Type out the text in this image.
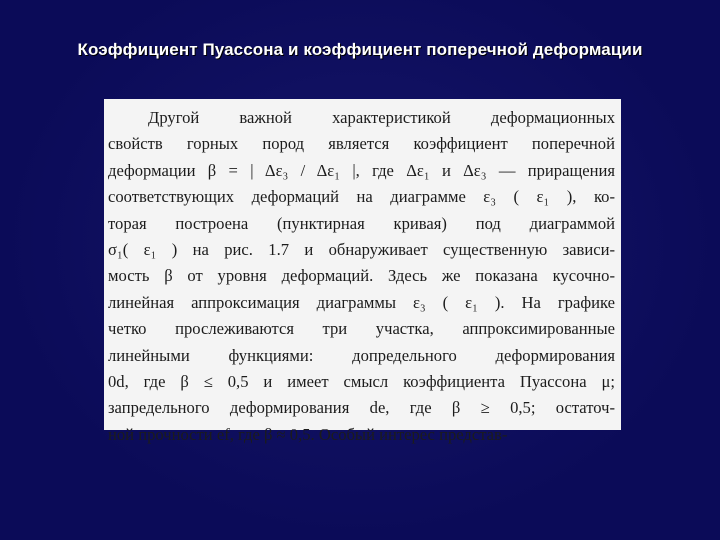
Коэффициент Пуассона и коэффициент поперечной деформации
Другой важной характеристикой деформационных
свойств горных пород является коэффициент поперечной
деформации β = | Δε₃ / Δε₁ |, где Δε₁ и Δε₃ — приращения
соответствующих деформаций на диаграмме ε₃ ( ε₁ ), ко-
торая построена (пунктирная кривая) под диаграммой
σ₁( ε₁ ) на рис. 1.7 и обнаруживает существенную зависи-
мость β от уровня деформаций. Здесь же показана кусочно-
линейная аппроксимация диаграммы ε₃ ( ε₁ ). На графике
четко прослеживаются три участка, аппроксимированные
линейными функциями: допредельного деформирования
0d, где β ≤ 0,5 и имеет смысл коэффициента Пуассона μ;
запредельного деформирования de, где β ≥ 0,5; остаточ-
ной прочности ef, где β ≈ 0,5. Особый интерес представ-
